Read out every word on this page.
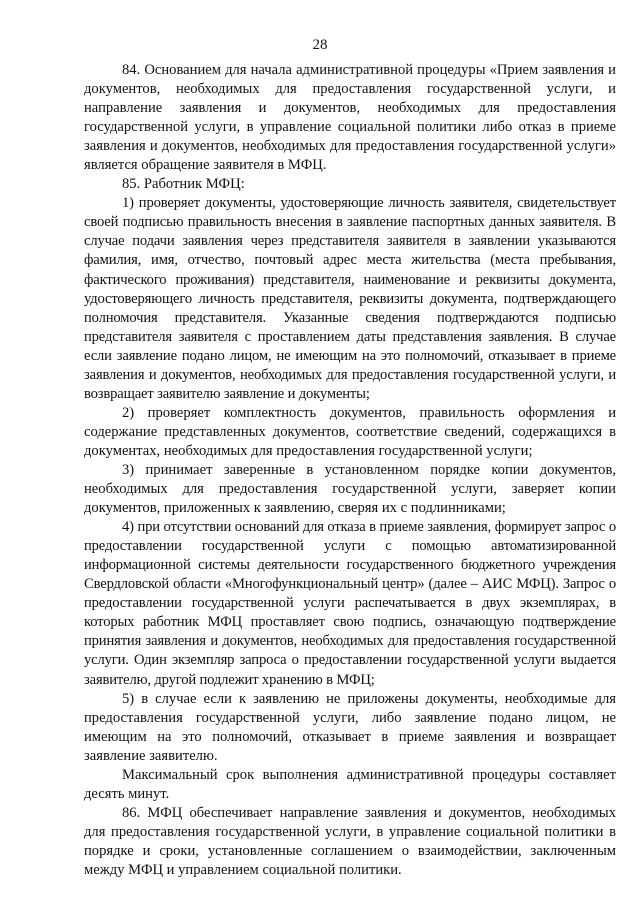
28

84. Основанием для начала административной процедуры «Прием заявления и документов, необходимых для предоставления государственной услуги, и направление заявления и документов, необходимых для предоставления государственной услуги, в управление социальной политики либо отказ в приеме заявления и документов, необходимых для предоставления государственной услуги» является обращение заявителя в МФЦ.

85. Работник МФЦ:

1) проверяет документы, удостоверяющие личность заявителя, свидетельствует своей подписью правильность внесения в заявление паспортных данных заявителя. В случае подачи заявления через представителя заявителя в заявлении указываются фамилия, имя, отчество, почтовый адрес места жительства (места пребывания, фактического проживания) представителя, наименование и реквизиты документа, удостоверяющего личность представителя, реквизиты документа, подтверждающего полномочия представителя. Указанные сведения подтверждаются подписью представителя заявителя с проставлением даты представления заявления. В случае если заявление подано лицом, не имеющим на это полномочий, отказывает в приеме заявления и документов, необходимых для предоставления государственной услуги, и возвращает заявителю заявление и документы;

2) проверяет комплектность документов, правильность оформления и содержание представленных документов, соответствие сведений, содержащихся в документах, необходимых для предоставления государственной услуги;

3) принимает заверенные в установленном порядке копии документов, необходимых для предоставления государственной услуги, заверяет копии документов, приложенных к заявлению, сверяя их с подлинниками;

4) при отсутствии оснований для отказа в приеме заявления, формирует запрос о предоставлении государственной услуги с помощью автоматизированной информационной системы деятельности государственного бюджетного учреждения Свердловской области «Многофункциональный центр» (далее – АИС МФЦ). Запрос о предоставлении государственной услуги распечатывается в двух экземплярах, в которых работник МФЦ проставляет свою подпись, означающую подтверждение принятия заявления и документов, необходимых для предоставления государственной услуги. Один экземпляр запроса о предоставлении государственной услуги выдается заявителю, другой подлежит хранению в МФЦ;

5) в случае если к заявлению не приложены документы, необходимые для предоставления государственной услуги, либо заявление подано лицом, не имеющим на это полномочий, отказывает в приеме заявления и возвращает заявление заявителю.

Максимальный срок выполнения административной процедуры составляет десять минут.

86. МФЦ обеспечивает направление заявления и документов, необходимых для предоставления государственной услуги, в управление социальной политики в порядке и сроки, установленные соглашением о взаимодействии, заключенным между МФЦ и управлением социальной политики.
